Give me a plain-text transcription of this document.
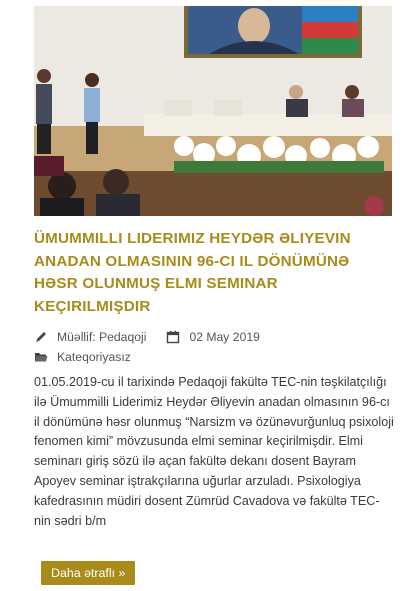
ÜMUMMILLI LIDERIMIZ HEYDƏR ƏLIYEVIN ANADAN OLMASININ 96-CI IL DÖNÜMÜNƏ HƏSR OLUNMUŞ ELMI SEMINAR KEÇIRILMIŞDIR
Müəllif: Pedaqoji	02 May 2019
Kateqoriyasız

01.05.2019-cu il tarixində Pedaqoji fakültə TEC-nin təşkilatçılığı ilə Ümummilli Liderimiz Heydər Əliyevin anadan olmasının 96-cı il dönümünə həsr olunmuş “Narsizm və özünəvurğunluq psixoloji fenomen kimi” mövzusunda elmi seminar keçirilmişdir. Elmi seminarı giriş sözü ilə açan fakültə dekanı dosent Bayram Apoyev seminar iştrakçılarına uğurlar arzuladı. Psixologiya kafedrasının müdiri dosent Zümrüd Cavadova və fakültə TEC-nin sədri b/m

Daha ətraflı »
